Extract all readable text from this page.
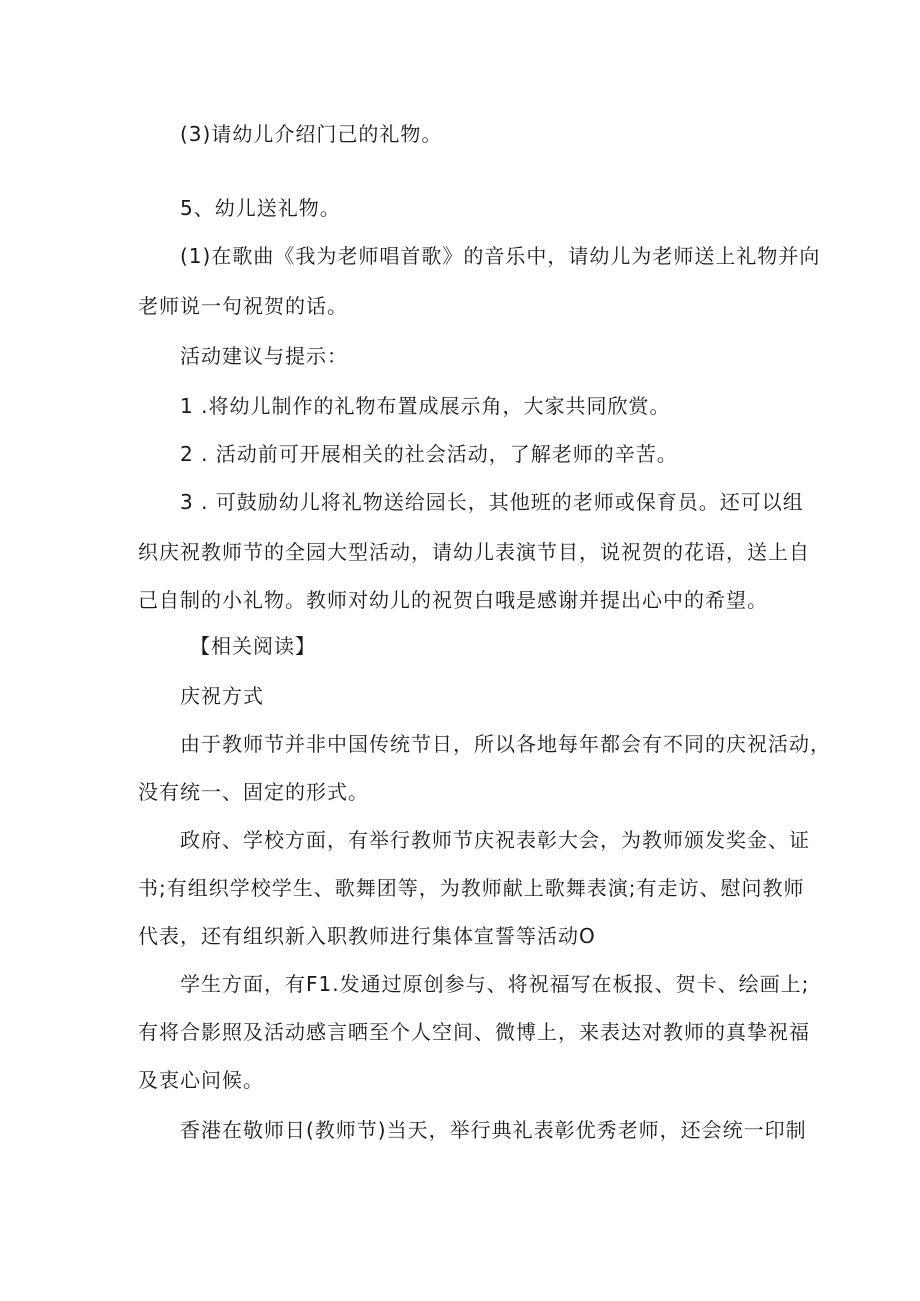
(3)请幼儿介绍门己的礼物。
5、幼儿送礼物。
(1)在歌曲《我为老师唱首歌》的音乐中，请幼儿为老师送上礼物并向
老师说一句祝贺的话。
活动建议与提示：
1 .将幼儿制作的礼物布置成展示角，大家共同欣赏。
2 . 活动前可开展相关的社会活动，了解老师的辛苦。
3 . 可鼓励幼儿将礼物送给园长，其他班的老师或保育员。还可以组
织庆祝教师节的全园大型活动，请幼儿表演节目，说祝贺的花语，送上自
己自制的小礼物。教师对幼儿的祝贺白哦是感谢并提出心中的希望。
【相关阅读】
庆祝方式
由于教师节并非中国传统节日，所以各地每年都会有不同的庆祝活动，
没有统一、固定的形式。
政府、学校方面，有举行教师节庆祝表彰大会，为教师颁发奖金、证
书;有组织学校学生、歌舞团等，为教师献上歌舞表演;有走访、慰问教师
代表，还有组织新入职教师进行集体宣誓等活动O
学生方面，有F1.发通过原创参与、将祝福写在板报、贺卡、绘画上;
有将合影照及活动感言晒至个人空间、微博上，来表达对教师的真挚祝福
及衷心问候。
香港在敬师日(教师节)当天，举行典礼表彰优秀老师，还会统一印制
